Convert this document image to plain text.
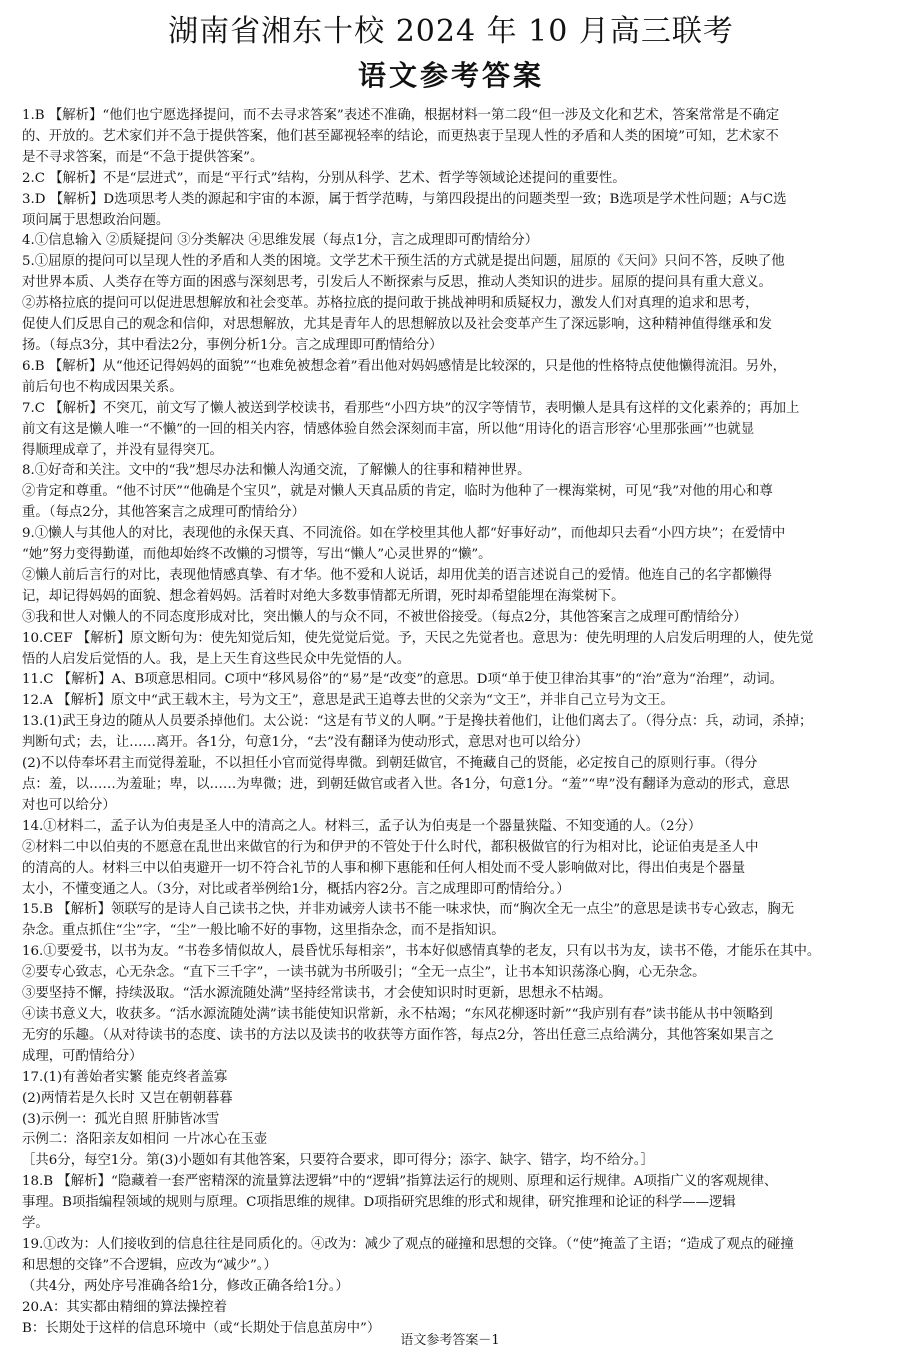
湖南省湘东十校 2024 年 10 月高三联考
语文参考答案
1.B 【解析】“他们也宁愿选择提问，而不去寻求答案”表述不准确，根据材料一第二段“但一涉及文化和艺术，答案常常是不确定
的、开放的。艺术家们并不急于提供答案，他们甚至鄙视轻率的结论，而更热衷于呈现人性的矛盾和人类的困境”可知，艺术家不
是不寻求答案，而是“不急于提供答案”。
2.C 【解析】不是“层进式”，而是“平行式”结构，分别从科学、艺术、哲学等领域论述提问的重要性。
3.D 【解析】D选项思考人类的源起和宇宙的本源，属于哲学范畴，与第四段提出的问题类型一致；B选项是学术性问题；A与C选
项问属于思想政治问题。
4.①信息输入 ②质疑提问 ③分类解决 ④思维发展（每点1分，言之成理即可酌情给分）
5.①屈原的提问可以呈现人性的矛盾和人类的困境。文学艺术干预生活的方式就是提出问题，屈原的《天问》只问不答，反映了他
对世界本质、人类存在等方面的困惑与深刻思考，引发后人不断探索与反思，推动人类知识的进步。屈原的提问具有重大意义。
②苏格拉底的提问可以促进思想解放和社会变革。苏格拉底的提问敢于挑战神明和质疑权力，激发人们对真理的追求和思考，
促使人们反思自己的观念和信仰，对思想解放，尤其是青年人的思想解放以及社会变革产生了深远影响，这种精神值得继承和发
扬。（每点3分，其中看法2分，事例分析1分。言之成理即可酌情给分）
6.B 【解析】从“他还记得妈妈的面貌”“也难免被想念着”看出他对妈妈感情是比较深的，只是他的性格特点使他懒得流泪。另外，
前后句也不构成因果关系。
7.C 【解析】不突兀，前文写了懒人被送到学校读书，看那些“小四方块”的汉字等情节，表明懒人是具有这样的文化素养的；再加上
前文有这是懒人唯一“不懒”的一回的相关内容，情感体验自然会深刻而丰富，所以他“用诗化的语言形容‘心里那张画’”也就显
得顺理成章了，并没有显得突兀。
8.①好奇和关注。文中的“我”想尽办法和懒人沟通交流，了解懒人的往事和精神世界。
②肯定和尊重。“他不讨厌”“他确是个宝贝”，就是对懒人天真品质的肯定，临时为他种了一棵海棠树，可见“我”对他的用心和尊
重。（每点2分，其他答案言之成理可酌情给分）
9.①懒人与其他人的对比，表现他的永保天真、不同流俗。如在学校里其他人都“好事好动”，而他却只去看“小四方块”；在爱情中
“她”努力变得勤谨，而他却始终不改懒的习惯等，写出“懒人”心灵世界的“懒”。
②懒人前后言行的对比，表现他情感真挚、有才华。他不爱和人说话，却用优美的语言述说自己的爱情。他连自己的名字都懒得
记，却记得妈妈的面貌、想念着妈妈。活着时对绝大多数事情都无所谓，死时却希望能埋在海棠树下。
③我和世人对懒人的不同态度形成对比，突出懒人的与众不同，不被世俗接受。（每点2分，其他答案言之成理可酌情给分）
10.CEF 【解析】原文断句为：使先知觉后知，使先觉觉后觉。予，天民之先觉者也。意思为：使先明理的人启发后明理的人，使先觉
悟的人启发后觉悟的人。我，是上天生育这些民众中先觉悟的人。
11.C 【解析】A、B项意思相同。C项中“移风易俗”的“易”是“改变”的意思。D项“单于使卫律治其事”的“治”意为“治理”，动词。
12.A 【解析】原文中“武王载木主，号为文王”，意思是武王追尊去世的父亲为“文王”，并非自己立号为文王。
13.(1)武王身边的随从人员要杀掉他们。太公说：“这是有节义的人啊。”于是搀扶着他们，让他们离去了。（得分点：兵，动词，杀掉；
判断句式；去，让……离开。各1分，句意1分，“去”没有翻译为使动形式，意思对也可以给分）
(2)不以侍奉坏君主而觉得羞耻，不以担任小官而觉得卑微。到朝廷做官，不掩藏自己的贤能，必定按自己的原则行事。（得分
点：羞，以……为羞耻；卑，以……为卑微；进，到朝廷做官或者入世。各1分，句意1分。“羞”“卑”没有翻译为意动的形式，意思
对也可以给分）
14.①材料二，孟子认为伯夷是圣人中的清高之人。材料三，孟子认为伯夷是一个器量狭隘、不知变通的人。（2分）
②材料二中以伯夷的不愿意在乱世出来做官的行为和伊尹的不管处于什么时代，都积极做官的行为相对比，论证伯夷是圣人中
的清高的人。材料三中以伯夷避开一切不符合礼节的人事和柳下惠能和任何人相处而不受人影响做对比，得出伯夷是个器量
太小，不懂变通之人。（3分，对比或者举例给1分，概括内容2分。言之成理即可酌情给分。）
15.B 【解析】领联写的是诗人自己读书之快，并非劝诫旁人读书不能一味求快，而“胸次全无一点尘”的意思是读书专心致志，胸无
杂念。重点抓住“尘”字，“尘”一般比喻不好的事物，这里指杂念，而不是指知识。
16.①要爱书，以书为友。“书卷多情似故人，晨昏忧乐每相亲”，书本好似感情真挚的老友，只有以书为友，读书不倦，才能乐在其中。
②要专心致志，心无杂念。“直下三千字”，一读书就为书所吸引；“全无一点尘”，让书本知识荡涤心胸，心无杂念。
③要坚持不懈，持续汲取。“活水源流随处满”坚持经常读书，才会使知识时时更新，思想永不枯竭。
④读书意义大，收获多。“活水源流随处满”读书能使知识常新，永不枯竭；“东风花柳逐时新”“我庐别有春”读书能从书中领略到
无穷的乐趣。（从对待读书的态度、读书的方法以及读书的收获等方面作答，每点2分，答出任意三点给满分，其他答案如果言之
成理，可酌情给分）
17.(1)有善始者实繁 能克终者盖寡
(2)两情若是久长时 又岂在朝朝暮暮
(3)示例一：孤光自照 肝肺皆冰雪
示例二：洛阳亲友如相问 一片冰心在玉壶
［共6分，每空1分。第(3)小题如有其他答案，只要符合要求，即可得分；添字、缺字、错字，均不给分。］
18.B 【解析】“隐藏着一套严密精深的流量算法逻辑”中的“逻辑”指算法运行的规则、原理和运行规律。A项指广义的客观规律、
事理。B项指编程领域的规则与原理。C项指思维的规律。D项指研究思维的形式和规律，研究推理和论证的科学——逻辑
学。
19.①改为：人们接收到的信息往往是同质化的。④改为：减少了观点的碰撞和思想的交锋。（“使”掩盖了主语；“造成了观点的碰撞
和思想的交锋”不合逻辑，应改为“减少”。）
（共4分，两处序号准确各给1分，修改正确各给1分。）
20.A：其实都由精细的算法操控着
B：长期处于这样的信息环境中（或“长期处于信息茧房中”）
语文参考答案－1
